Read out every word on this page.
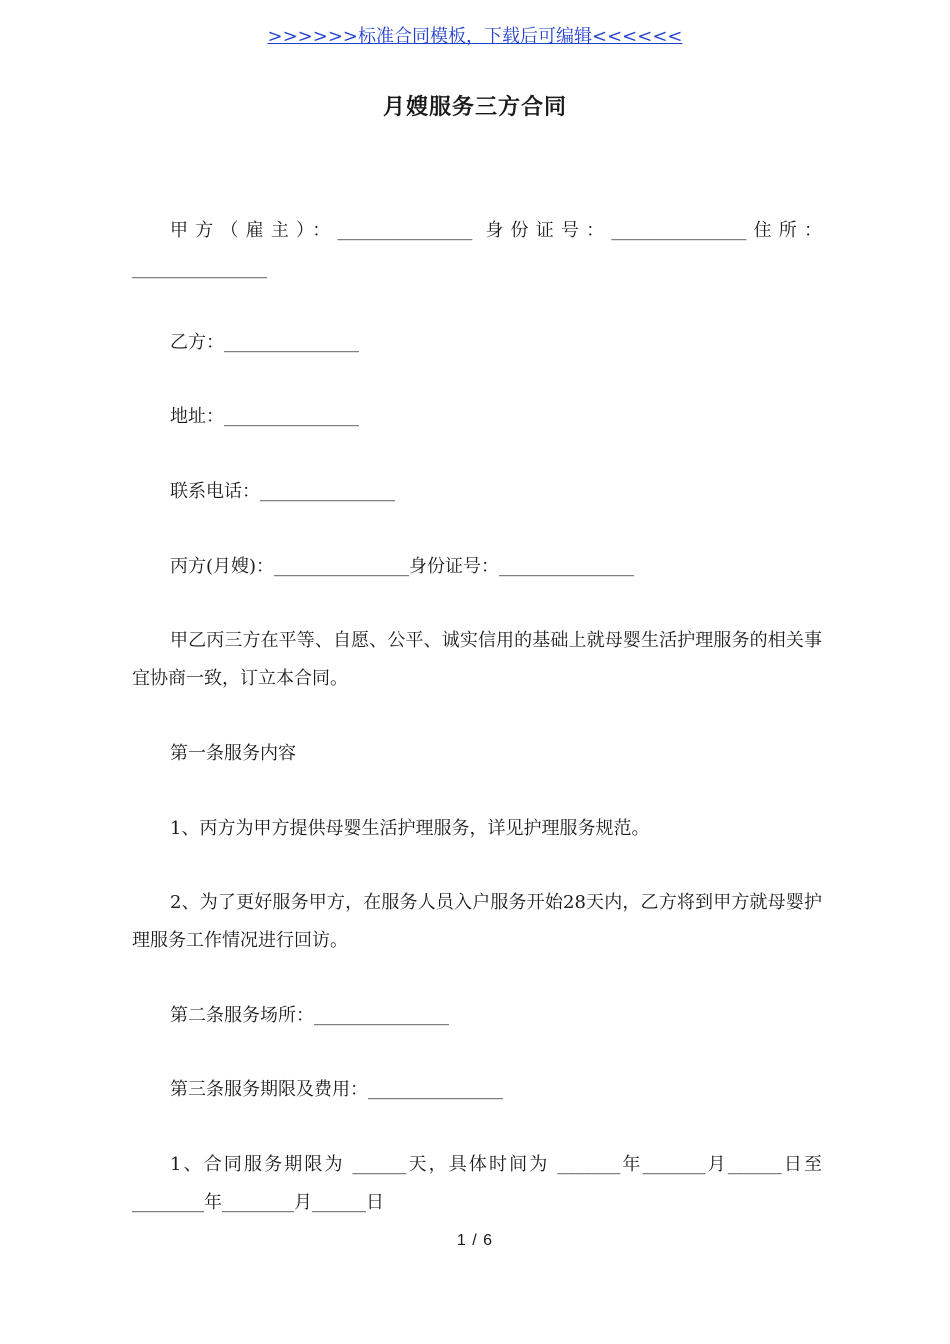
>>>>>>标准合同模板，下载后可编辑<<<<<<
月嫂服务三方合同

甲方（雇主）：_______________ 身份证号：_______________住所：_______________

乙方：_______________

地址：_______________

联系电话：_______________

丙方(月嫂)：_______________身份证号：_______________

甲乙丙三方在平等、自愿、公平、诚实信用的基础上就母婴生活护理服务的相关事宜协商一致，订立本合同。

第一条服务内容

1、丙方为甲方提供母婴生活护理服务，详见护理服务规范。

2、为了更好服务甲方，在服务人员入户服务开始28天内，乙方将到甲方就母婴护理服务工作情况进行回访。

第二条服务场所：_______________

第三条服务期限及费用：_______________

1、合同服务期限为 ______天，具体时间为 _______年_______月______日至________年________月______日

1 / 6
